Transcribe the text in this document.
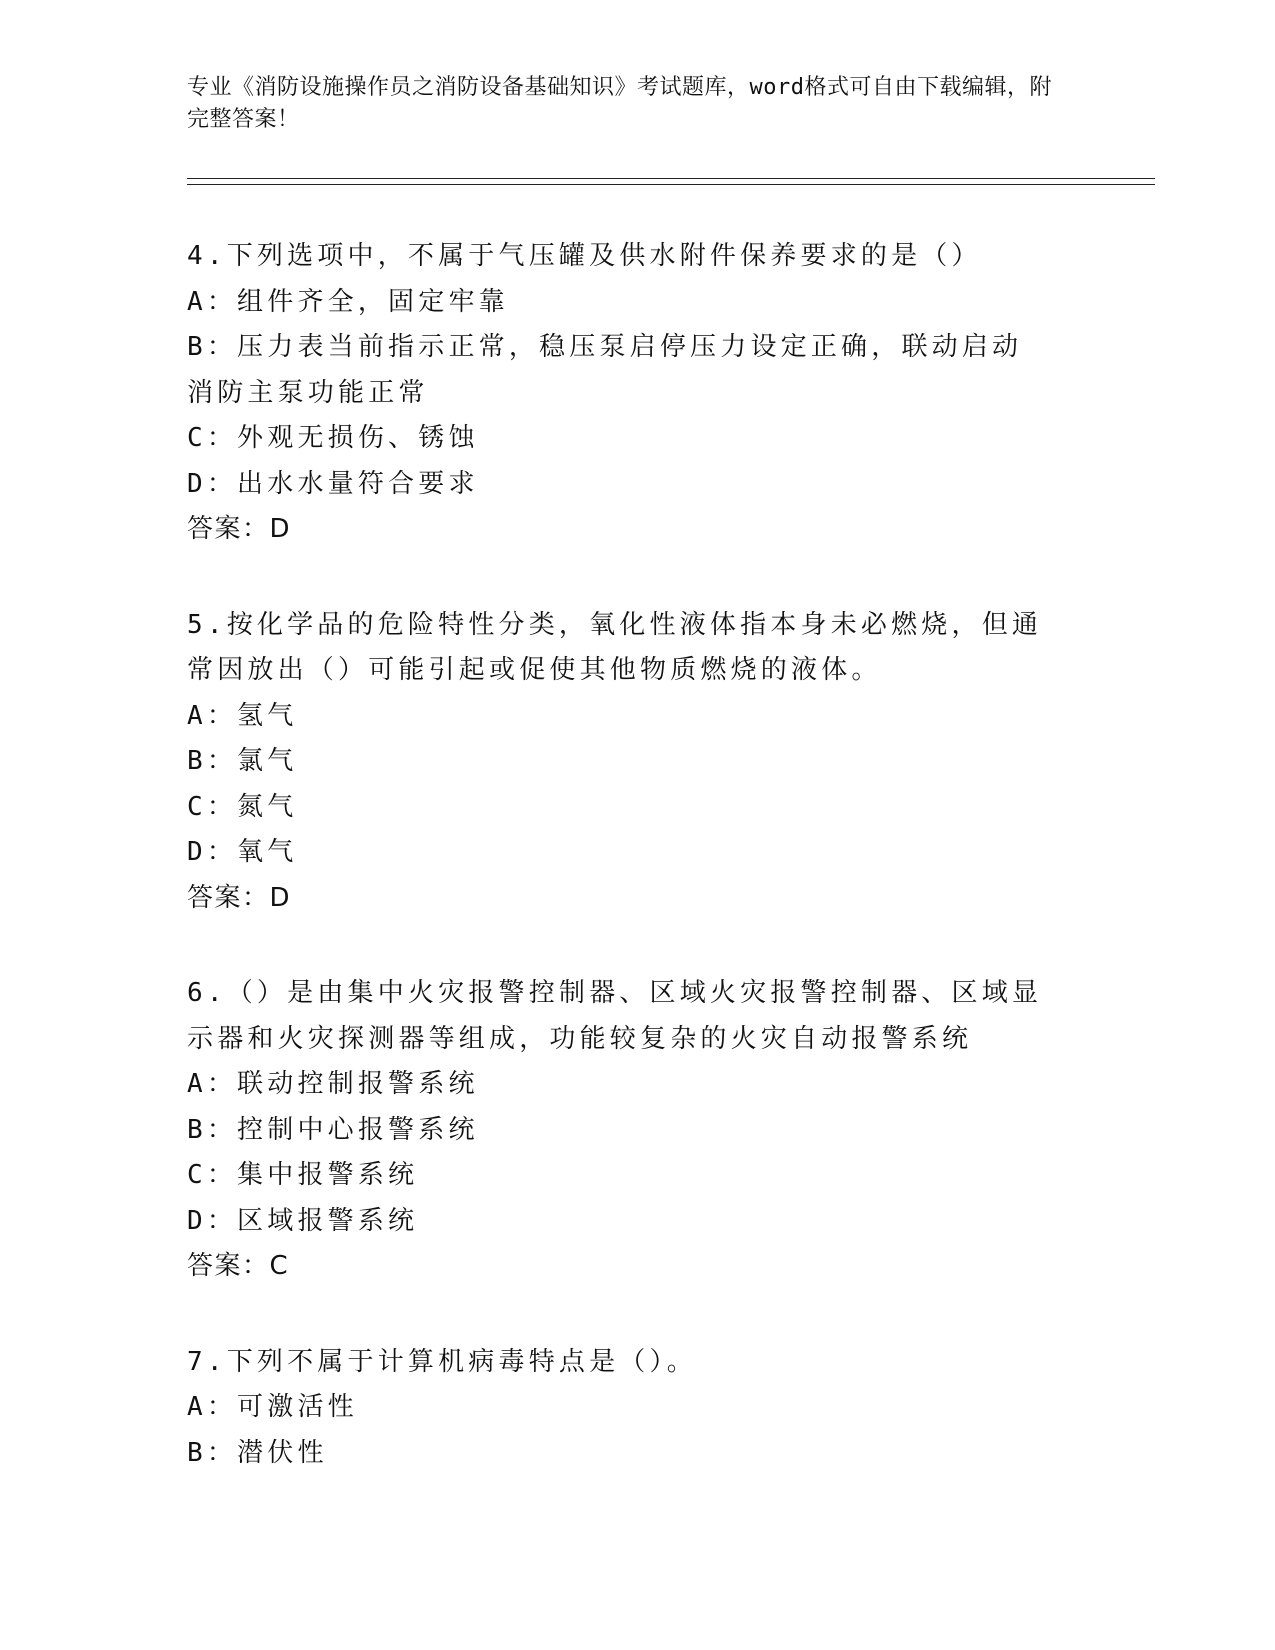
专业《消防设施操作员之消防设备基础知识》考试题库，word格式可自由下载编辑，附完整答案！

4.下列选项中，不属于气压罐及供水附件保养要求的是（）

A：组件齐全，固定牢靠

B：压力表当前指示正常，稳压泵启停压力设定正确，联动启动消防主泵功能正常

C：外观无损伤、锈蚀

D：出水水量符合要求

答案：D

5.按化学品的危险特性分类，氧化性液体指本身未必燃烧，但通常因放出（）可能引起或促使其他物质燃烧的液体。

A：氢气

B：氯气

C：氮气

D：氧气

答案：D

6.（）是由集中火灾报警控制器、区域火灾报警控制器、区域显示器和火灾探测器等组成，功能较复杂的火灾自动报警系统

A：联动控制报警系统

B：控制中心报警系统

C：集中报警系统

D：区域报警系统

答案：C

7.下列不属于计算机病毒特点是（）。

A：可激活性

B：潜伏性
